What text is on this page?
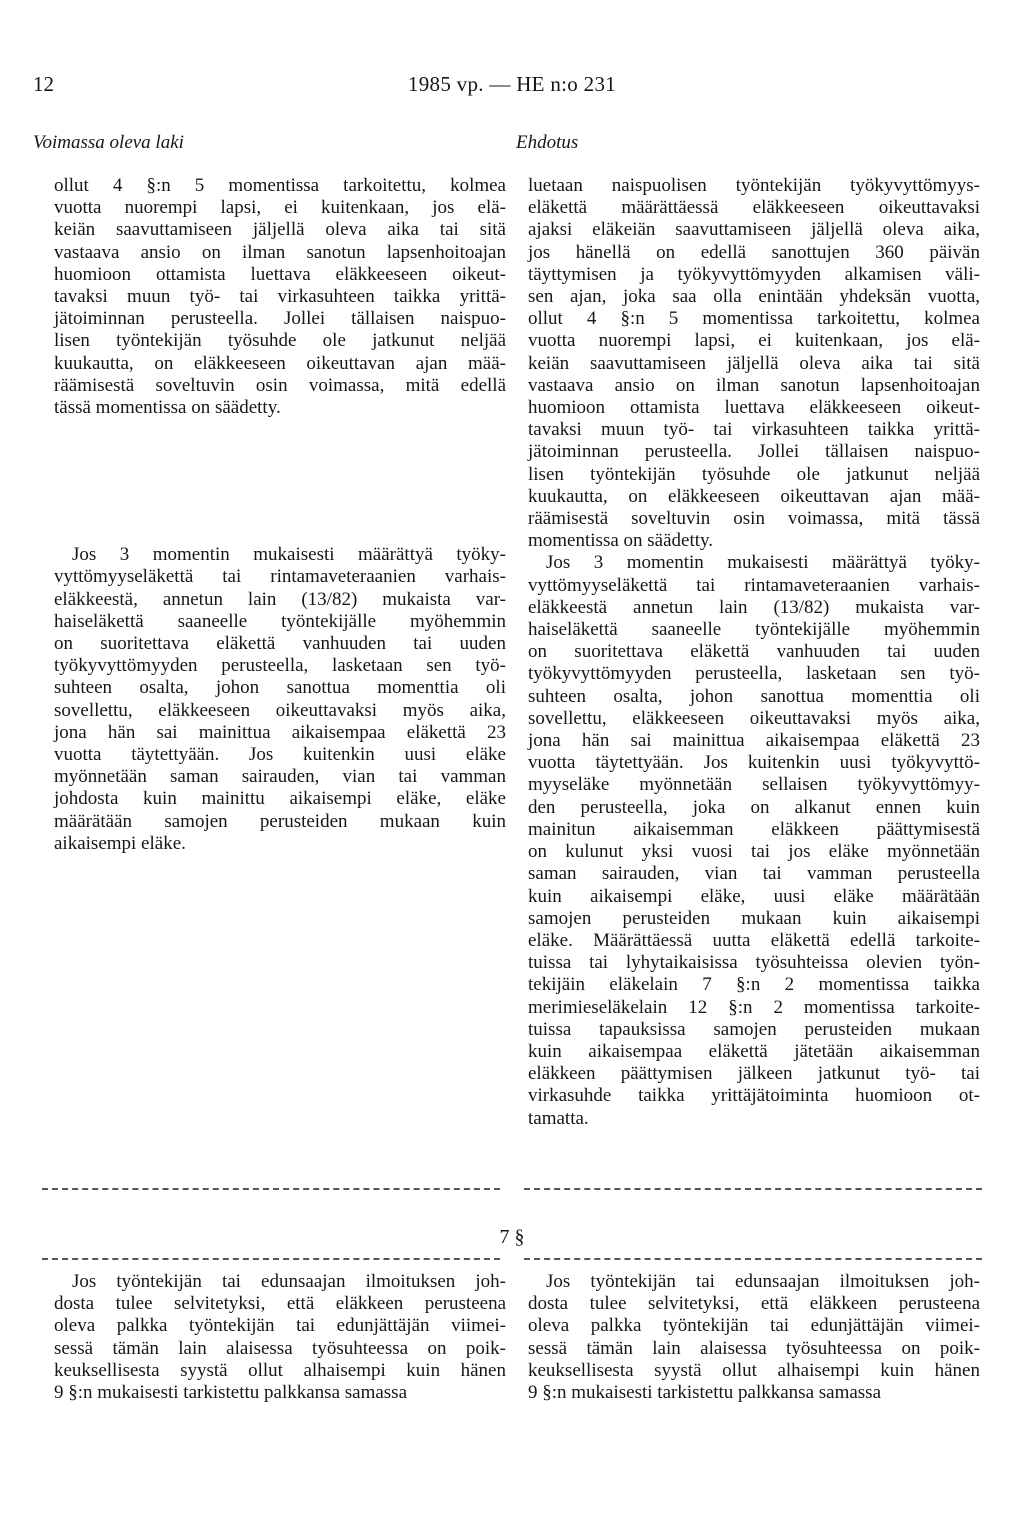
12	1985 vp. — HE n:o 231
Voimassa oleva laki	Ehdotus

ollut 4 §:n 5 momentissa tarkoitettu, kolmea

vuotta nuorempi lapsi, ei kuitenkaan, jos elä-

keiän saavuttamiseen jäljellä oleva aika tai sitä

vastaava ansio on ilman sanotun lapsenhoitoajan

huomioon ottamista luettava eläkkeeseen oikeut-

tavaksi muun työ- tai virkasuhteen taikka yrittä-

jätoiminnan perusteella. Jollei tällaisen naispuo-

lisen työntekijän työsuhde ole jatkunut neljää

kuukautta, on eläkkeeseen oikeuttavan ajan mää-

räämisestä soveltuvin osin voimassa, mitä edellä

tässä momentissa on säädetty.

Jos 3 momentin mukaisesti määrättyä työky-

vyttömyyseläkettä tai rintamaveteraanien varhais-

eläkkeestä, annetun lain (13/82) mukaista var-

haiseläkettä saaneelle työntekijälle myöhemmin

on suoritettava eläkettä vanhuuden tai uuden

työkyvyttömyyden perusteella, lasketaan sen työ-

suhteen osalta, johon sanottua momenttia oli

sovellettu, eläkkeeseen oikeuttavaksi myös aika,

jona hän sai mainittua aikaisempaa eläkettä 23

vuotta täytettyään. Jos kuitenkin uusi eläke

myönnetään saman sairauden, vian tai vamman

johdosta kuin mainittu aikaisempi eläke, eläke

määrätään samojen perusteiden mukaan kuin

aikaisempi eläke.

luetaan naispuolisen työntekijän työkyvyttömyys-

eläkettä määrättäessä eläkkeeseen oikeuttavaksi

ajaksi eläkeiän saavuttamiseen jäljellä oleva aika,

jos hänellä on edellä sanottujen 360 päivän

täyttymisen ja työkyvyttömyyden alkamisen väli-

sen ajan, joka saa olla enintään yhdeksän vuotta,

ollut 4 §:n 5 momentissa tarkoitettu, kolmea

vuotta nuorempi lapsi, ei kuitenkaan, jos elä-

keiän saavuttamiseen jäljellä oleva aika tai sitä

vastaava ansio on ilman sanotun lapsenhoitoajan

huomioon ottamista luettava eläkkeeseen oikeut-

tavaksi muun työ- tai virkasuhteen taikka yrittä-

jätoiminnan perusteella. Jollei tällaisen naispuo-

lisen työntekijän työsuhde ole jatkunut neljää

kuukautta, on eläkkeeseen oikeuttavan ajan mää-

räämisestä soveltuvin osin voimassa, mitä tässä

momentissa on säädetty.

Jos 3 momentin mukaisesti määrättyä työky-

vyttömyyseläkettä tai rintamaveteraanien varhais-

eläkkeestä annetun lain (13/82) mukaista var-

haiseläkettä saaneelle työntekijälle myöhemmin

on suoritettava eläkettä vanhuuden tai uuden

työkyvyttömyyden perusteella, lasketaan sen työ-

suhteen osalta, johon sanottua momenttia oli

sovellettu, eläkkeeseen oikeuttavaksi myös aika,

jona hän sai mainittua aikaisempaa eläkettä 23

vuotta täytettyään. Jos kuitenkin uusi työkyvyttö-

myyseläke myönnetään sellaisen työkyvyttömyy-

den perusteella, joka on alkanut ennen kuin

mainitun aikaisemman eläkkeen päättymisestä

on kulunut yksi vuosi tai jos eläke myönnetään

saman sairauden, vian tai vamman perusteella

kuin aikaisempi eläke, uusi eläke määrätään

samojen perusteiden mukaan kuin aikaisempi

eläke. Määrättäessä uutta eläkettä edellä tarkoite-

tuissa tai lyhytaikaisissa työsuhteissa olevien työn-

tekijäin eläkelain 7 §:n 2 momentissa taikka

merimieseläkelain 12 §:n 2 momentissa tarkoite-

tuissa tapauksissa samojen perusteiden mukaan

kuin aikaisempaa eläkettä jätetään aikaisemman

eläkkeen päättymisen jälkeen jatkunut työ- tai

virkasuhde taikka yrittäjätoiminta huomioon ot-

tamatta.

7 §

Jos työntekijän tai edunsaajan ilmoituksen joh-

dosta tulee selvitetyksi, että eläkkeen perusteena

oleva palkka työntekijän tai edunjättäjän viimei-

sessä tämän lain alaisessa työsuhteessa on poik-

keuksellisesta syystä ollut alhaisempi kuin hänen

9 §:n mukaisesti tarkistettu palkkansa samassa

Jos työntekijän tai edunsaajan ilmoituksen joh-

dosta tulee selvitetyksi, että eläkkeen perusteena

oleva palkka työntekijän tai edunjättäjän viimei-

sessä tämän lain alaisessa työsuhteessa on poik-

keuksellisesta syystä ollut alhaisempi kuin hänen

9 §:n mukaisesti tarkistettu palkkansa samassa
